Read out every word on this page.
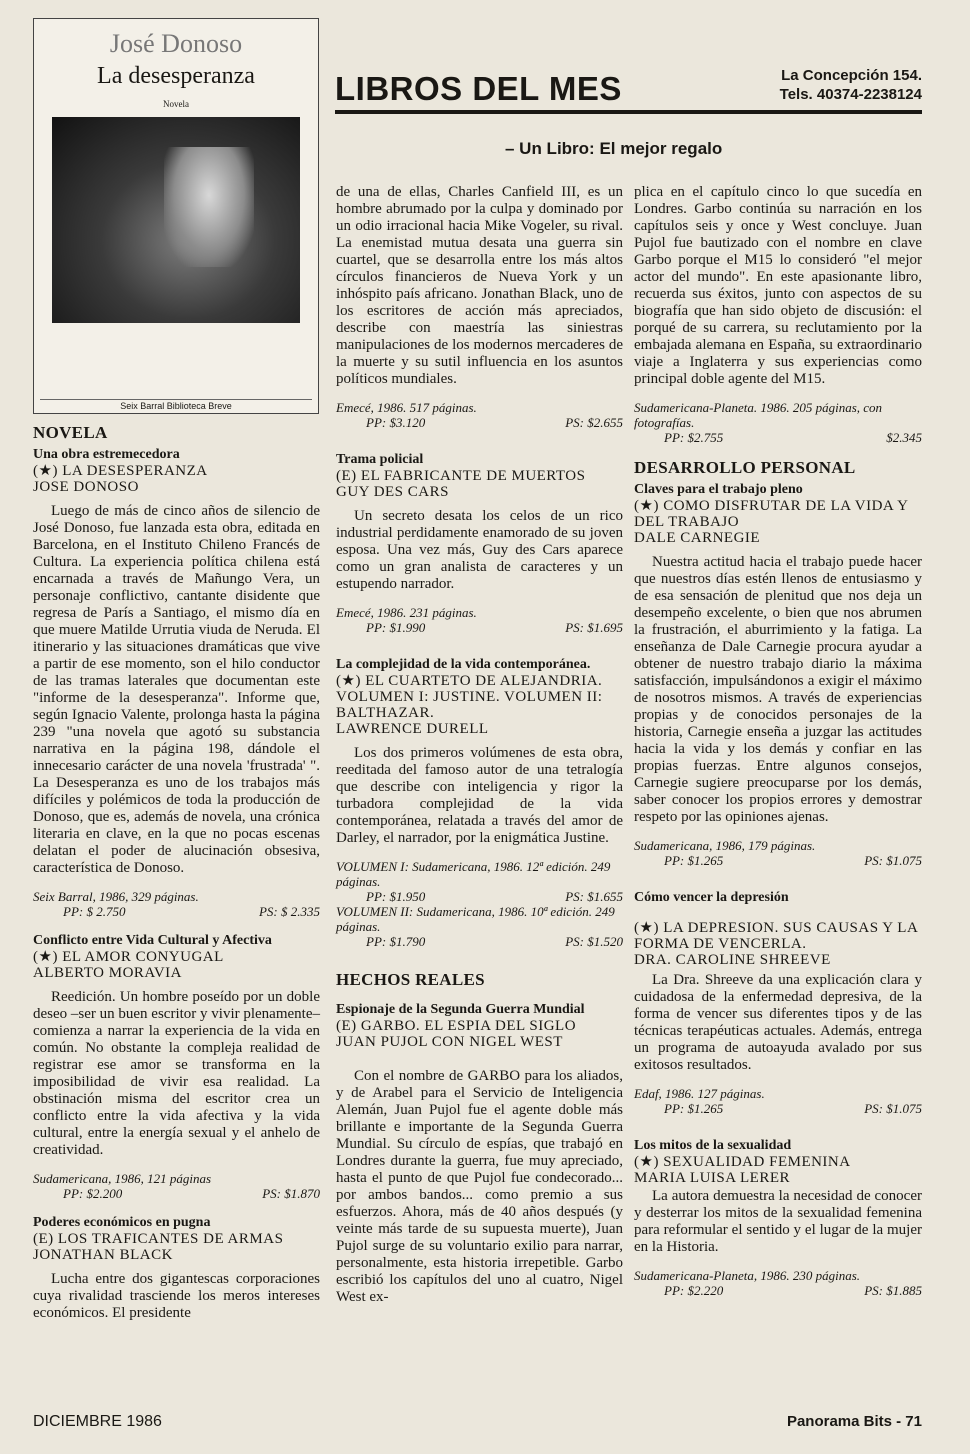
José Donoso
La desesperanza
Novela
Seix Barral Biblioteca Breve
LIBROS DEL MES	La Concepción 154.
Tels. 40374-2238124
– Un Libro: El mejor regalo
NOVELA
Una obra estremecedora
(★) LA DESESPERANZA
JOSE DONOSO
Luego de más de cinco años de silencio de José Donoso, fue lanzada esta obra, editada en Barcelona, en el Instituto Chileno Francés de Cultura. La experiencia política chilena está encarnada a través de Mañungo Vera, un personaje conflictivo, cantante disidente que regresa de París a Santiago, el mismo día en que muere Matilde Urrutia viuda de Neruda. El itinerario y las situaciones dramáticas que vive a partir de ese momento, son el hilo conductor de las tramas laterales que documentan este "informe de la desesperanza". Informe que, según Ignacio Valente, prolonga hasta la página 239 "una novela que agotó su substancia narrativa en la página 198, dándole el innecesario carácter de una novela 'frustrada' ". La Desesperanza es uno de los trabajos más difíciles y polémicos de toda la producción de Donoso, que es, además de novela, una crónica literaria en clave, en la que no pocas escenas delatan el poder de alucinación obsesiva, característica de Donoso.
Seix Barral, 1986, 329 páginas.
PP: $ 2.750	PS: $ 2.335
Conflicto entre Vida Cultural y Afectiva
(★) EL AMOR CONYUGAL
ALBERTO MORAVIA
Reedición. Un hombre poseído por un doble deseo –ser un buen escritor y vivir plenamente– comienza a narrar la experiencia de la vida en común. No obstante la compleja realidad de registrar ese amor se transforma en la imposibilidad de vivir esa realidad. La obstinación misma del escritor crea un conflicto entre la vida afectiva y la vida cultural, entre la energía sexual y el anhelo de creatividad.
Sudamericana, 1986, 121 páginas
PP: $2.200	PS: $1.870
Poderes económicos en pugna
(E) LOS TRAFICANTES DE ARMAS
JONATHAN BLACK
Lucha entre dos gigantescas corporaciones cuya rivalidad trasciende los meros intereses económicos. El presidente
de una de ellas, Charles Canfield III, es un hombre abrumado por la culpa y dominado por un odio irracional hacia Mike Vogeler, su rival. La enemistad mutua desata una guerra sin cuartel, que se desarrolla entre los más altos círculos financieros de Nueva York y un inhóspito país africano. Jonathan Black, uno de los escritores de acción más apreciados, describe con maestría las siniestras manipulaciones de los modernos mercaderes de la muerte y su sutil influencia en los asuntos políticos mundiales.
Emecé, 1986. 517 páginas.
PP: $3.120	PS: $2.655
Trama policial
(E) EL FABRICANTE DE MUERTOS
GUY DES CARS
Un secreto desata los celos de un rico industrial perdidamente enamorado de su joven esposa. Una vez más, Guy des Cars aparece como un gran analista de caracteres y un estupendo narrador.
Emecé, 1986. 231 páginas.
PP: $1.990	PS: $1.695
La complejidad de la vida contemporánea.
(★) EL CUARTETO DE ALEJANDRIA. VOLUMEN I: JUSTINE. VOLUMEN II: BALTHAZAR.
LAWRENCE DURELL
Los dos primeros volúmenes de esta obra, reeditada del famoso autor de una tetralogía que describe con inteligencia y rigor la turbadora complejidad de la vida contemporánea, relatada a través del amor de Darley, el narrador, por la enigmática Justine.
VOLUMEN I: Sudamericana, 1986. 12ª edición. 249 páginas.
PP: $1.950	PS: $1.655
VOLUMEN II: Sudamericana, 1986. 10ª edición. 249 páginas.
PP: $1.790	PS: $1.520
HECHOS REALES
Espionaje de la Segunda Guerra Mundial
(E) GARBO. EL ESPIA DEL SIGLO
JUAN PUJOL CON NIGEL WEST
Con el nombre de GARBO para los aliados, y de Arabel para el Servicio de Inteligencia Alemán, Juan Pujol fue el agente doble más brillante e importante de la Segunda Guerra Mundial. Su círculo de espías, que trabajó en Londres durante la guerra, fue muy apreciado, hasta el punto de que Pujol fue condecorado... por ambos bandos... como premio a sus esfuerzos. Ahora, más de 40 años después (y veinte más tarde de su supuesta muerte), Juan Pujol surge de su voluntario exilio para narrar, personalmente, esta historia irrepetible. Garbo escribió los capítulos del uno al cuatro, Nigel West ex-
plica en el capítulo cinco lo que sucedía en Londres. Garbo continúa su narración en los capítulos seis y once y West concluye. Juan Pujol fue bautizado con el nombre en clave Garbo porque el M15 lo consideró "el mejor actor del mundo". En este apasionante libro, recuerda sus éxitos, junto con aspectos de su biografía que han sido objeto de discusión: el porqué de su carrera, su reclutamiento por la embajada alemana en España, su extraordinario viaje a Inglaterra y sus experiencias como principal doble agente del M15.
Sudamericana-Planeta. 1986. 205 páginas, con fotografías.
PP: $2.755	$2.345
DESARROLLO PERSONAL
Claves para el trabajo pleno
(★) COMO DISFRUTAR DE LA VIDA Y DEL TRABAJO
DALE CARNEGIE
Nuestra actitud hacia el trabajo puede hacer que nuestros días estén llenos de entusiasmo y de esa sensación de plenitud que nos deja un desempeño excelente, o bien que nos abrumen la frustración, el aburrimiento y la fatiga. La enseñanza de Dale Carnegie procura ayudar a obtener de nuestro trabajo diario la máxima satisfacción, impulsándonos a exigir el máximo de nosotros mismos. A través de experiencias propias y de conocidos personajes de la historia, Carnegie enseña a juzgar las actitudes hacia la vida y los demás y confiar en las propias fuerzas. Entre algunos consejos, Carnegie sugiere preocuparse por los demás, saber conocer los propios errores y demostrar respeto por las opiniones ajenas.
Sudamericana, 1986, 179 páginas.
PP: $1.265	PS: $1.075
Cómo vencer la depresión
(★) LA DEPRESION. SUS CAUSAS Y LA FORMA DE VENCERLA.
DRA. CAROLINE SHREEVE
La Dra. Shreeve da una explicación clara y cuidadosa de la enfermedad depresiva, de la forma de vencer sus diferentes tipos y de las técnicas terapéuticas actuales. Además, entrega un programa de autoayuda avalado por sus exitosos resultados.
Edaf, 1986. 127 páginas.
PP: $1.265	PS: $1.075
Los mitos de la sexualidad
(★) SEXUALIDAD FEMENINA
MARIA LUISA LERER
La autora demuestra la necesidad de conocer y desterrar los mitos de la sexualidad femenina para reformular el sentido y el lugar de la mujer en la Historia.
Sudamericana-Planeta, 1986. 230 páginas.
PP: $2.220	PS: $1.885
DICIEMBRE 1986	Panorama Bits - 71
